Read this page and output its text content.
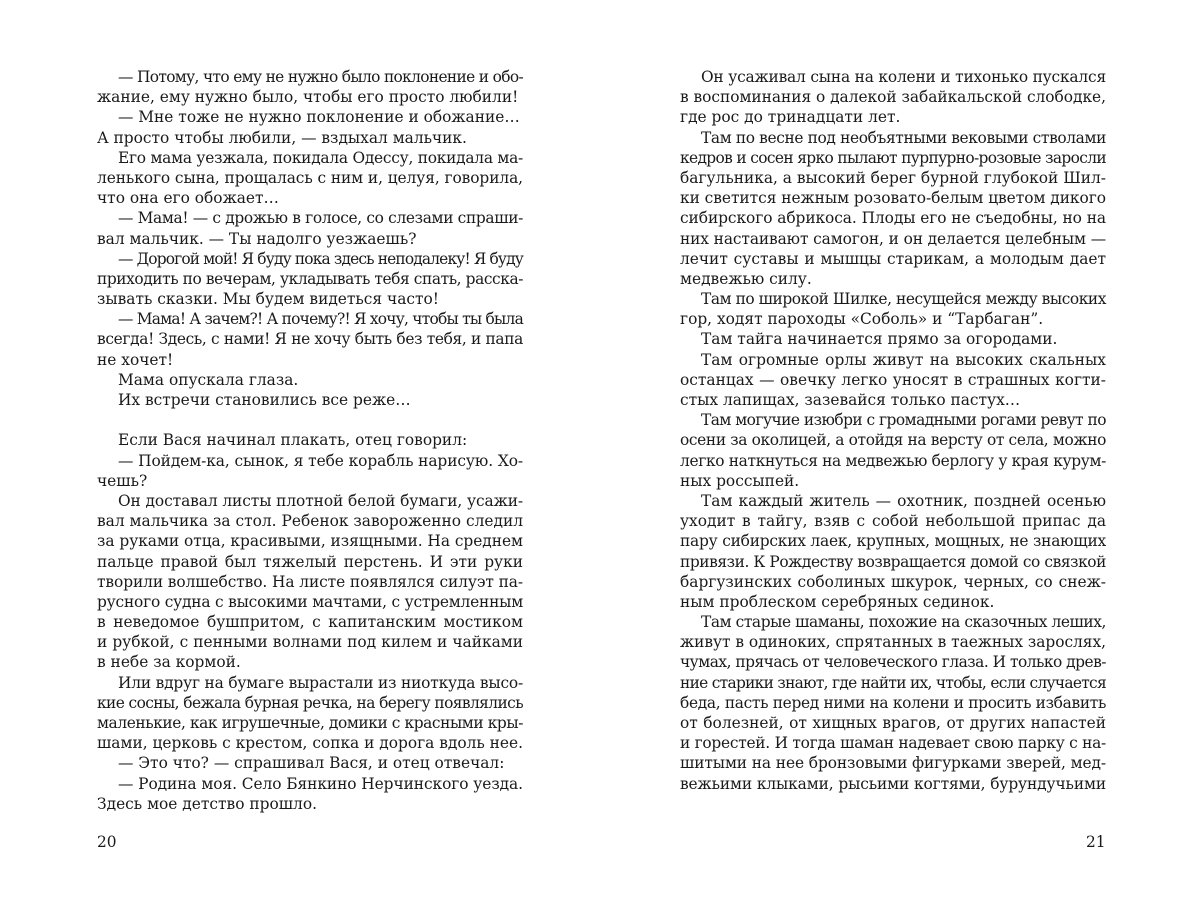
— Потому, что ему не нужно было поклонение и обо-
жание, ему нужно было, чтобы его просто любили!
— Мне тоже не нужно поклонение и обожание…
А просто чтобы любили, — вздыхал мальчик.
Его мама уезжала, покидала Одессу, покидала ма-
ленького сына, прощалась с ним и, целуя, говорила,
что она его обожает…
— Мама! — с дрожью в голосе, со слезами спраши-
вал мальчик. — Ты надолго уезжаешь?
— Дорогой мой! Я буду пока здесь неподалеку! Я буду
приходить по вечерам, укладывать тебя спать, расска-
зывать сказки. Мы будем видеться часто!
— Мама! А зачем?! А почему?! Я хочу, чтобы ты была
всегда! Здесь, с нами! Я не хочу быть без тебя, и папа
не хочет!
Мама опускала глаза.
Их встречи становились все реже…
Если Вася начинал плакать, отец говорил:
— Пойдем-ка, сынок, я тебе корабль нарисую. Хо-
чешь?
Он доставал листы плотной белой бумаги, усажи-
вал мальчика за стол. Ребенок завороженно следил
за руками отца, красивыми, изящными. На среднем
пальце правой был тяжелый перстень. И эти руки
творили волшебство. На листе появлялся силуэт па-
русного судна с высокими мачтами, с устремленным
в неведомое бушпритом, с капитанским мостиком
и рубкой, с пенными волнами под килем и чайками
в небе за кормой.
Или вдруг на бумаге вырастали из ниоткуда высо-
кие сосны, бежала бурная речка, на берегу появлялись
маленькие, как игрушечные, домики с красными кры-
шами, церковь с крестом, сопка и дорога вдоль нее.
— Это что? — спрашивал Вася, и отец отвечал:
— Родина моя. Село Бянкино Нерчинского уезда.
Здесь мое детство прошло.
20
Он усаживал сына на колени и тихонько пускался
в воспоминания о далекой забайкальской слободке,
где рос до тринадцати лет.
Там по весне под необъятными вековыми стволами
кедров и сосен ярко пылают пурпурно-розовые заросли
багульника, а высокий берег бурной глубокой Шил-
ки светится нежным розовато-белым цветом дикого
сибирского абрикоса. Плоды его не съедобны, но на
них настаивают самогон, и он делается целебным —
лечит суставы и мышцы старикам, а молодым дает
медвежью силу.
Там по широкой Шилке, несущейся между высоких
гор, ходят пароходы «Соболь» и “Тарбаган”.
Там тайга начинается прямо за огородами.
Там огромные орлы живут на высоких скальных
останцах — овечку легко уносят в страшных когти-
стых лапищах, зазевайся только пастух…
Там могучие изюбри с громадными рогами ревут по
осени за околицей, а отойдя на версту от села, можно
легко наткнуться на медвежью берлогу у края курум-
ных россыпей.
Там каждый житель — охотник, поздней осенью
уходит в тайгу, взяв с собой небольшой припас да
пару сибирских лаек, крупных, мощных, не знающих
привязи. К Рождеству возвращается домой со связкой
баргузинских соболиных шкурок, черных, со снеж-
ным проблеском серебряных сединок.
Там старые шаманы, похожие на сказочных леших,
живут в одиноких, спрятанных в таежных зарослях,
чумах, прячась от человеческого глаза. И только древ-
ние старики знают, где найти их, чтобы, если случается
беда, пасть перед ними на колени и просить избавить
от болезней, от хищных врагов, от других напастей
и горестей. И тогда шаман надевает свою парку с на-
шитыми на нее бронзовыми фигурками зверей, мед-
вежьими клыками, рысьими когтями, бурундучьими
21
